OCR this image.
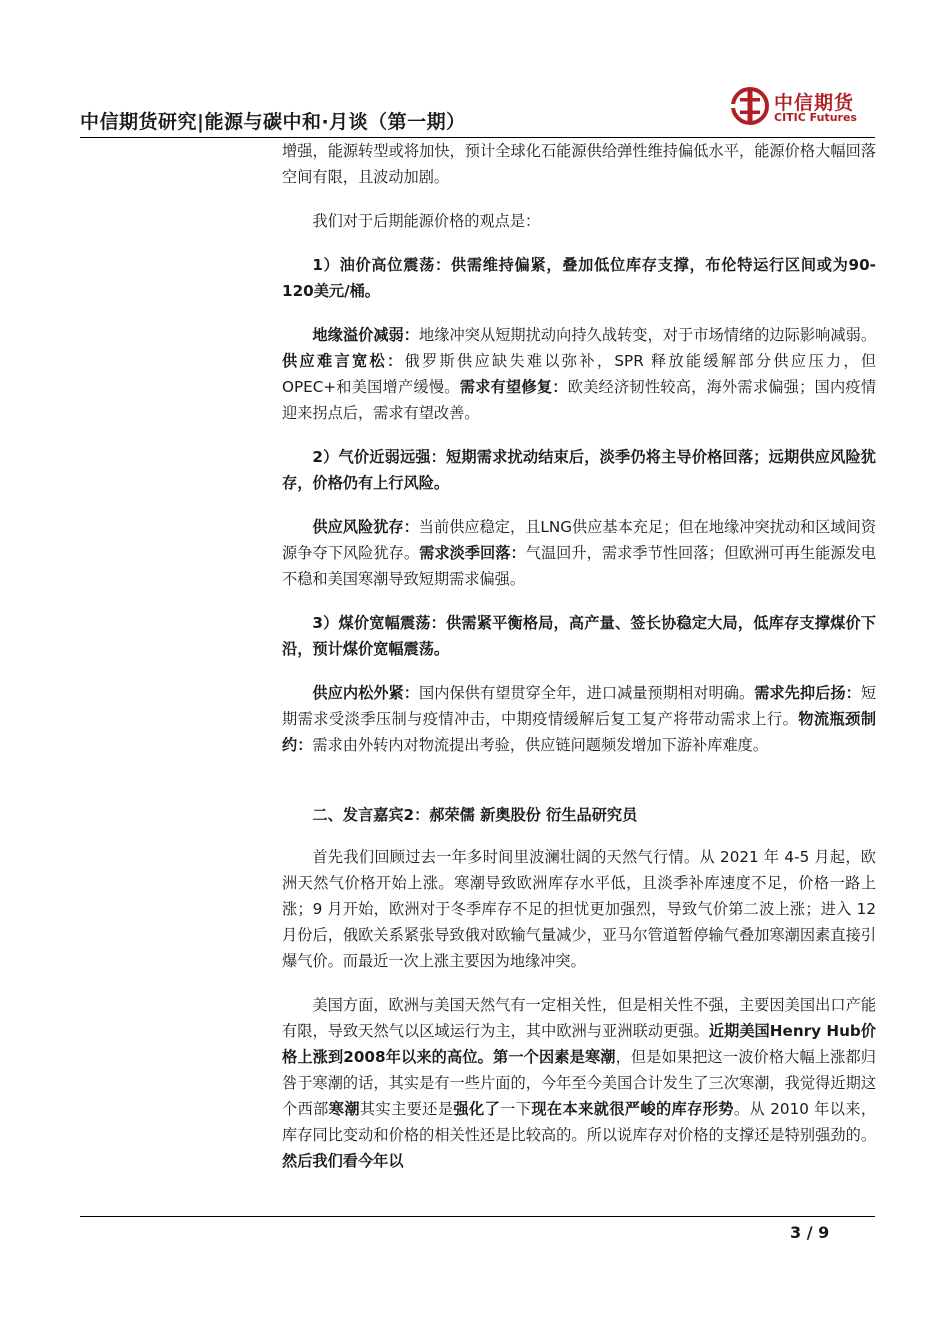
中信期货研究|能源与碳中和·月谈（第一期）
中信期货
CITIC Futures

增强，能源转型或将加快，预计全球化石能源供给弹性维持偏低水平，能源价格大幅回落空间有限，且波动加剧。

我们对于后期能源价格的观点是：

1）油价高位震荡：供需维持偏紧，叠加低位库存支撑，布伦特运行区间或为90-120美元/桶。

地缘溢价减弱：地缘冲突从短期扰动向持久战转变，对于市场情绪的边际影响减弱。供应难言宽松：俄罗斯供应缺失难以弥补，SPR 释放能缓解部分供应压力，但 OPEC+和美国增产缓慢。需求有望修复：欧美经济韧性较高，海外需求偏强；国内疫情迎来拐点后，需求有望改善。

2）气价近弱远强：短期需求扰动结束后，淡季仍将主导价格回落；远期供应风险犹存，价格仍有上行风险。

供应风险犹存：当前供应稳定，且LNG供应基本充足；但在地缘冲突扰动和区域间资源争夺下风险犹存。需求淡季回落：气温回升，需求季节性回落；但欧洲可再生能源发电不稳和美国寒潮导致短期需求偏强。

3）煤价宽幅震荡：供需紧平衡格局，高产量、签长协稳定大局，低库存支撑煤价下沿，预计煤价宽幅震荡。

供应内松外紧：国内保供有望贯穿全年，进口减量预期相对明确。需求先抑后扬：短期需求受淡季压制与疫情冲击，中期疫情缓解后复工复产将带动需求上行。物流瓶颈制约：需求由外转内对物流提出考验，供应链问题频发增加下游补库难度。

二、发言嘉宾2：郝荣儒 新奥股份 衍生品研究员

首先我们回顾过去一年多时间里波澜壮阔的天然气行情。从 2021 年 4-5 月起，欧洲天然气价格开始上涨。寒潮导致欧洲库存水平低，且淡季补库速度不足，价格一路上涨；9 月开始，欧洲对于冬季库存不足的担忧更加强烈，导致气价第二波上涨；进入 12 月份后，俄欧关系紧张导致俄对欧输气量减少，亚马尔管道暂停输气叠加寒潮因素直接引爆气价。而最近一次上涨主要因为地缘冲突。

美国方面，欧洲与美国天然气有一定相关性，但是相关性不强，主要因美国出口产能有限，导致天然气以区域运行为主，其中欧洲与亚洲联动更强。近期美国Henry Hub价格上涨到2008年以来的高位。第一个因素是寒潮，但是如果把这一波价格大幅上涨都归咎于寒潮的话，其实是有一些片面的，今年至今美国合计发生了三次寒潮，我觉得近期这个西部寒潮其实主要还是强化了一下现在本来就很严峻的库存形势。从 2010 年以来，库存同比变动和价格的相关性还是比较高的。所以说库存对价格的支撑还是特别强劲的。然后我们看今年以

3 / 9
